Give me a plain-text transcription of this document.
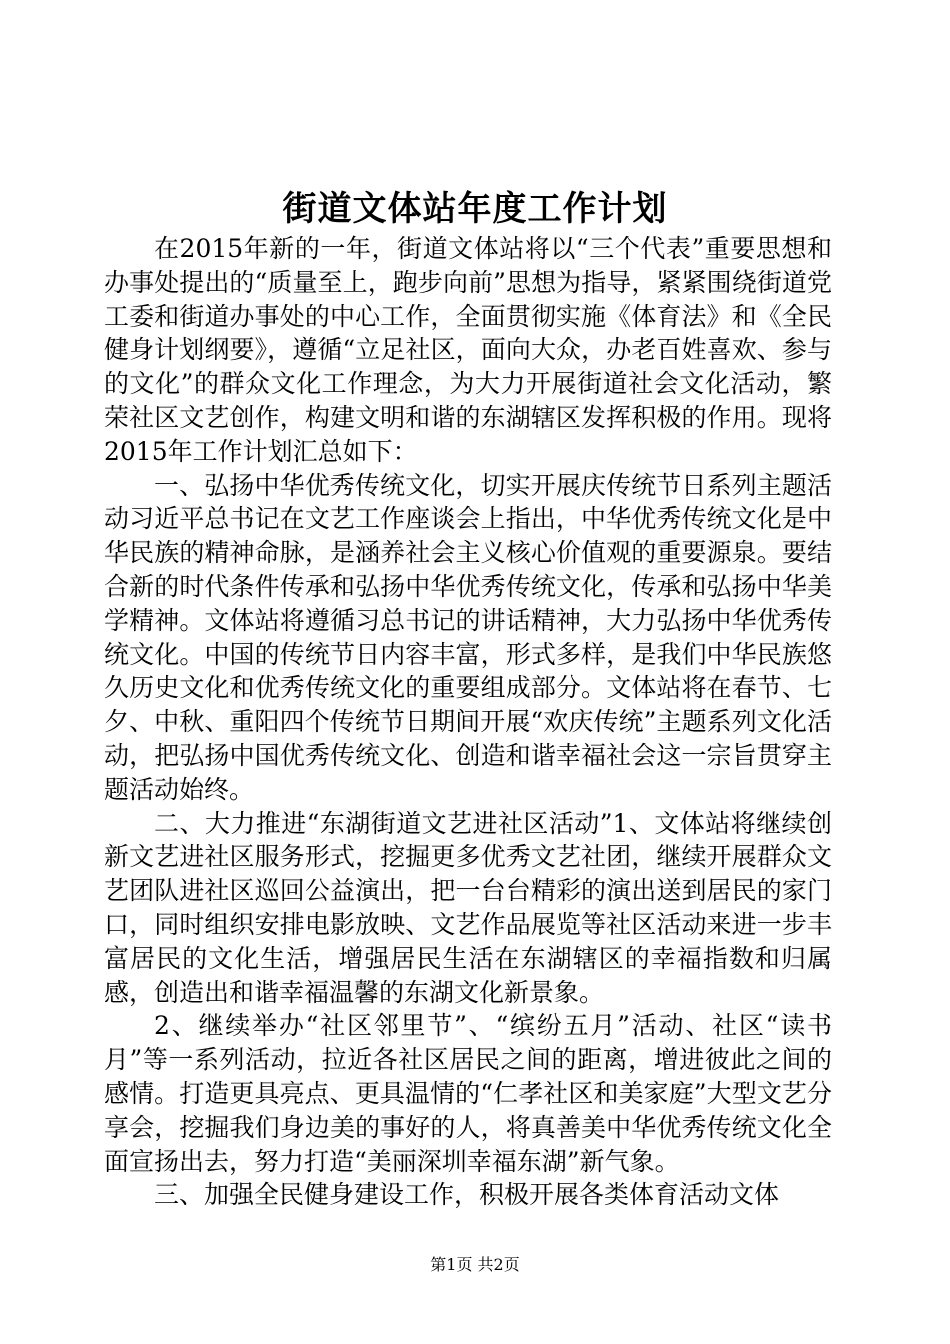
街道文体站年度工作计划

在2015年新的一年，街道文体站将以“三个代表”重要思想和办事处提出的“质量至上，跑步向前”思想为指导，紧紧围绕街道党工委和街道办事处的中心工作，全面贯彻实施《体育法》和《全民健身计划纲要》，遵循“立足社区，面向大众，办老百姓喜欢、参与的文化”的群众文化工作理念，为大力开展街道社会文化活动，繁荣社区文艺创作，构建文明和谐的东湖辖区发挥积极的作用。现将2015年工作计划汇总如下：

一、弘扬中华优秀传统文化，切实开展庆传统节日系列主题活动习近平总书记在文艺工作座谈会上指出，中华优秀传统文化是中华民族的精神命脉，是涵养社会主义核心价值观的重要源泉。要结合新的时代条件传承和弘扬中华优秀传统文化，传承和弘扬中华美学精神。文体站将遵循习总书记的讲话精神，大力弘扬中华优秀传统文化。中国的传统节日内容丰富，形式多样，是我们中华民族悠久历史文化和优秀传统文化的重要组成部分。文体站将在春节、七夕、中秋、重阳四个传统节日期间开展“欢庆传统”主题系列文化活动，把弘扬中国优秀传统文化、创造和谐幸福社会这一宗旨贯穿主题活动始终。

二、大力推进“东湖街道文艺进社区活动”1、文体站将继续创新文艺进社区服务形式，挖掘更多优秀文艺社团，继续开展群众文艺团队进社区巡回公益演出，把一台台精彩的演出送到居民的家门口，同时组织安排电影放映、文艺作品展览等社区活动来进一步丰富居民的文化生活，增强居民生活在东湖辖区的幸福指数和归属感，创造出和谐幸福温馨的东湖文化新景象。

2、继续举办“社区邻里节”、“缤纷五月”活动、社区“读书月”等一系列活动，拉近各社区居民之间的距离，增进彼此之间的感情。打造更具亮点、更具温情的“仁孝社区和美家庭”大型文艺分享会，挖掘我们身边美的事好的人，将真善美中华优秀传统文化全面宣扬出去，努力打造“美丽深圳幸福东湖”新气象。

三、加强全民健身建设工作，积极开展各类体育活动文体

第1页 共2页
